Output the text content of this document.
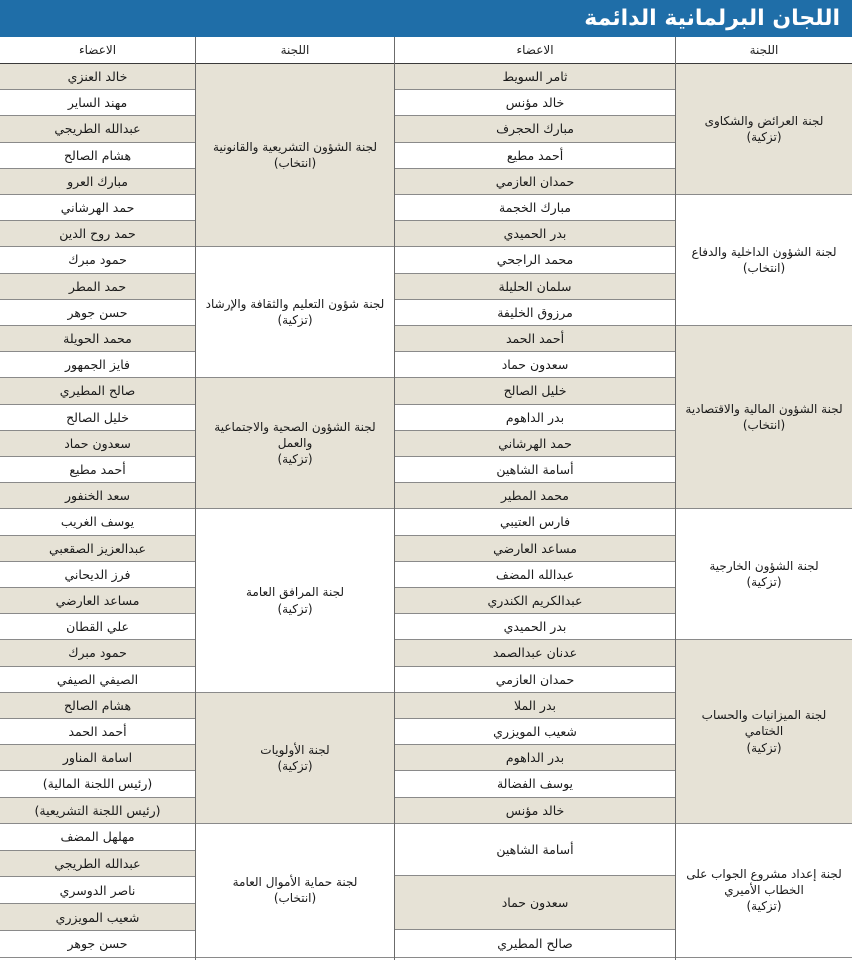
اللجان البرلمانية الدائمة
اللجنة
الاعضاء
اللجنة
الاعضاء
لجنة العرائض والشكاوى
(تزكية)
لجنة الشؤون الداخلية والدفاع
(انتخاب)
لجنة الشؤون المالية والاقتصادية
(انتخاب)
لجنة الشؤون الخارجية
(تزكية)
لجنة الميزانيات والحساب الختامي
(تزكية)
لجنة إعداد مشروع الجواب على الخطاب الأميري
(تزكية)
ثامر السويط
خالد مؤنس
مبارك الحجرف
أحمد مطيع
حمدان العازمي
مبارك الخجمة
بدر الحميدي
محمد الراجحي
سلمان الحليلة
مرزوق الخليفة
أحمد الحمد
سعدون حماد
خليل الصالح
بدر الداهوم
حمد الهرشاني
أسامة الشاهين
محمد المطير
فارس العتيبي
مساعد العارضي
عبدالله المضف
عبدالكريم الكندري
بدر الحميدي
عدنان عبدالصمد
حمدان العازمي
بدر الملا
شعيب المويزري
بدر الداهوم
يوسف الفضالة
خالد مؤنس
أسامة الشاهين
سعدون حماد
صالح المطيري
لجنة الشؤون التشريعية والقانونية
(انتخاب)
لجنة شؤون التعليم والثقافة والإرشاد
(تزكية)
لجنة الشؤون الصحية والاجتماعية والعمل
(تزكية)
لجنة المرافق العامة
(تزكية)
لجنة الأولويات
(تزكية)
لجنة حماية الأموال العامة
(انتخاب)
خالد العنزي
مهند الساير
عبدالله الطريجي
هشام الصالح
مبارك العرو
حمد الهرشاني
حمد روح الدين
حمود مبرك
حمد المطر
حسن جوهر
محمد الحويلة
فايز الجمهور
صالح المطيري
خليل الصالح
سعدون حماد
أحمد مطيع
سعد الخنفور
يوسف الغريب
عبدالعزيز الصقعبي
فرز الديحاني
مساعد العارضي
علي القطان
حمود مبرك
الصيفي الصيفي
هشام الصالح
أحمد الحمد
اسامة المناور
(رئيس اللجنة المالية)
(رئيس اللجنة التشريعية)
مهلهل المضف
عبدالله الطريجي
ناصر الدوسري
شعيب المويزري
حسن جوهر
